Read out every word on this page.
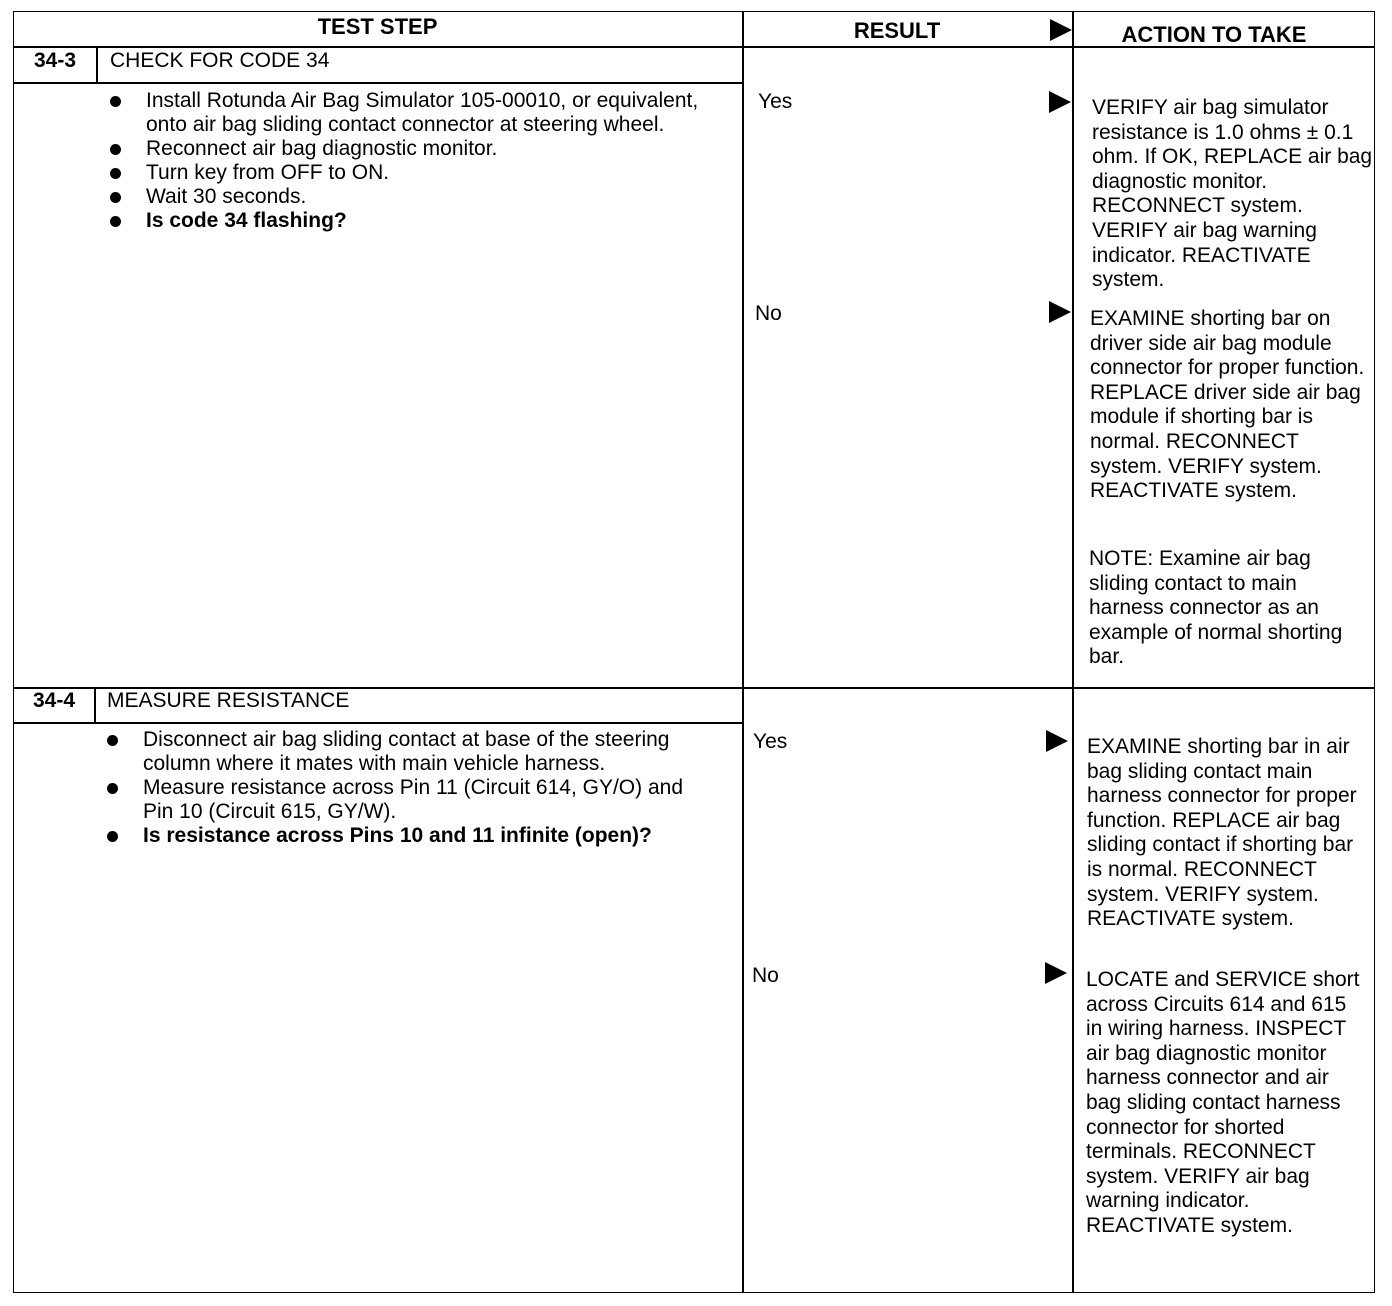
TEST STEP	RESULT	ACTION TO TAKE
34-3	CHECK FOR CODE 34
Install Rotunda Air Bag Simulator 105-00010, or equivalent, onto air bag sliding contact connector at steering wheel.
Reconnect air bag diagnostic monitor.
Turn key from OFF to ON.
Wait 30 seconds.
Is code 34 flashing?
Yes	VERIFY air bag simulator resistance is 1.0 ohms ± 0.1 ohm. If OK, REPLACE air bag diagnostic monitor. RECONNECT system. VERIFY air bag warning indicator. REACTIVATE system.
No	EXAMINE shorting bar on driver side air bag module connector for proper function. REPLACE driver side air bag module if shorting bar is normal. RECONNECT system. VERIFY system. REACTIVATE system.
NOTE: Examine air bag sliding contact to main harness connector as an example of normal shorting bar.
34-4	MEASURE RESISTANCE
Disconnect air bag sliding contact at base of the steering column where it mates with main vehicle harness.
Measure resistance across Pin 11 (Circuit 614, GY/O) and Pin 10 (Circuit 615, GY/W).
Is resistance across Pins 10 and 11 infinite (open)?
Yes	EXAMINE shorting bar in air bag sliding contact main harness connector for proper function. REPLACE air bag sliding contact if shorting bar is normal. RECONNECT system. VERIFY system. REACTIVATE system.
No	LOCATE and SERVICE short across Circuits 614 and 615 in wiring harness. INSPECT air bag diagnostic monitor harness connector and air bag sliding contact harness connector for shorted terminals. RECONNECT system. VERIFY air bag warning indicator. REACTIVATE system.
